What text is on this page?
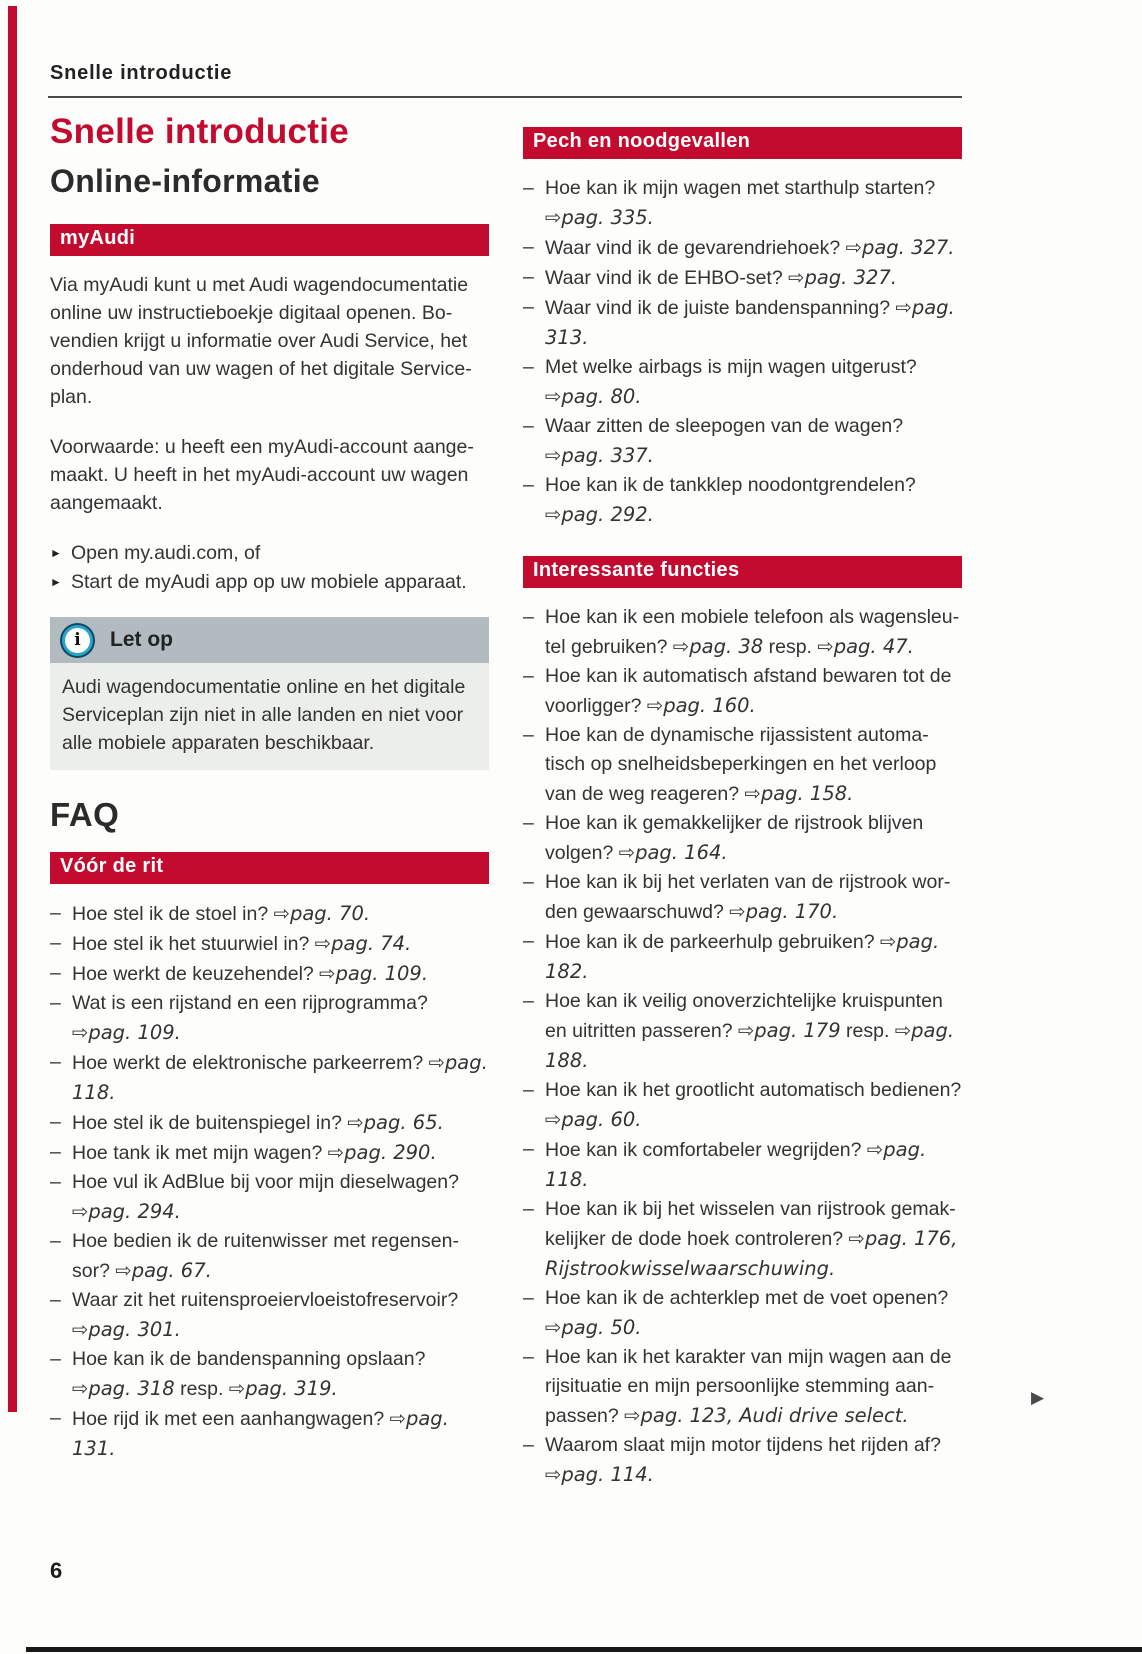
Snelle introductie
Snelle introductie
Online-informatie
myAudi

Via myAudi kunt u met Audi wagendocumentatie online uw instructieboekje digitaal openen. Bovendien krijgt u informatie over Audi Service, het onderhoud van uw wagen of het digitale Serviceplan.

Voorwaarde: u heeft een myAudi-account aangemaakt. U heeft in het myAudi-account uw wagen aangemaakt.

► Open my.audi.com, of
► Start de myAudi app op uw mobiele apparaat.
i	Let op
Audi wagendocumentatie online en het digitale Serviceplan zijn niet in alle landen en niet voor alle mobiele apparaten beschikbaar.
FAQ
Vóór de rit
– Hoe stel ik de stoel in? ⇨pag. 70.
– Hoe stel ik het stuurwiel in? ⇨pag. 74.
– Hoe werkt de keuzehendel? ⇨pag. 109.
– Wat is een rijstand en een rijprogramma? ⇨pag. 109.
– Hoe werkt de elektronische parkeerrem? ⇨pag. 118.
– Hoe stel ik de buitenspiegel in? ⇨pag. 65.
– Hoe tank ik met mijn wagen? ⇨pag. 290.
– Hoe vul ik AdBlue bij voor mijn dieselwagen? ⇨pag. 294.
– Hoe bedien ik de ruitenwisser met regensensor? ⇨pag. 67.
– Waar zit het ruitensproeiervloeistofreservoir? ⇨pag. 301.
– Hoe kan ik de bandenspanning opslaan? ⇨pag. 318 resp. ⇨pag. 319.
– Hoe rijd ik met een aanhangwagen? ⇨pag. 131.
Pech en noodgevallen
– Hoe kan ik mijn wagen met starthulp starten? ⇨pag. 335.
– Waar vind ik de gevarendriehoek? ⇨pag. 327.
– Waar vind ik de EHBO-set? ⇨pag. 327.
– Waar vind ik de juiste bandenspanning? ⇨pag. 313.
– Met welke airbags is mijn wagen uitgerust? ⇨pag. 80.
– Waar zitten de sleepogen van de wagen? ⇨pag. 337.
– Hoe kan ik de tankklep noodontgrendelen? ⇨pag. 292.
Interessante functies
– Hoe kan ik een mobiele telefoon als wagensleutel gebruiken? ⇨pag. 38 resp. ⇨pag. 47.
– Hoe kan ik automatisch afstand bewaren tot de voorligger? ⇨pag. 160.
– Hoe kan de dynamische rijassistent automatisch op snelheidsbeperkingen en het verloop van de weg reageren? ⇨pag. 158.
– Hoe kan ik gemakkelijker de rijstrook blijven volgen? ⇨pag. 164.
– Hoe kan ik bij het verlaten van de rijstrook worden gewaarschuwd? ⇨pag. 170.
– Hoe kan ik de parkeerhulp gebruiken? ⇨pag. 182.
– Hoe kan ik veilig onoverzichtelijke kruispunten en uitritten passeren? ⇨pag. 179 resp. ⇨pag. 188.
– Hoe kan ik het grootlicht automatisch bedienen? ⇨pag. 60.
– Hoe kan ik comfortabeler wegrijden? ⇨pag. 118.
– Hoe kan ik bij het wisselen van rijstrook gemakkelijker de dode hoek controleren? ⇨pag. 176, Rijstrookwisselwaarschuwing.
– Hoe kan ik de achterklep met de voet openen? ⇨pag. 50.
– Hoe kan ik het karakter van mijn wagen aan de rijsituatie en mijn persoonlijke stemming aanpassen? ⇨pag. 123, Audi drive select.
– Waarom slaat mijn motor tijdens het rijden af? ⇨pag. 114.
▶
6
